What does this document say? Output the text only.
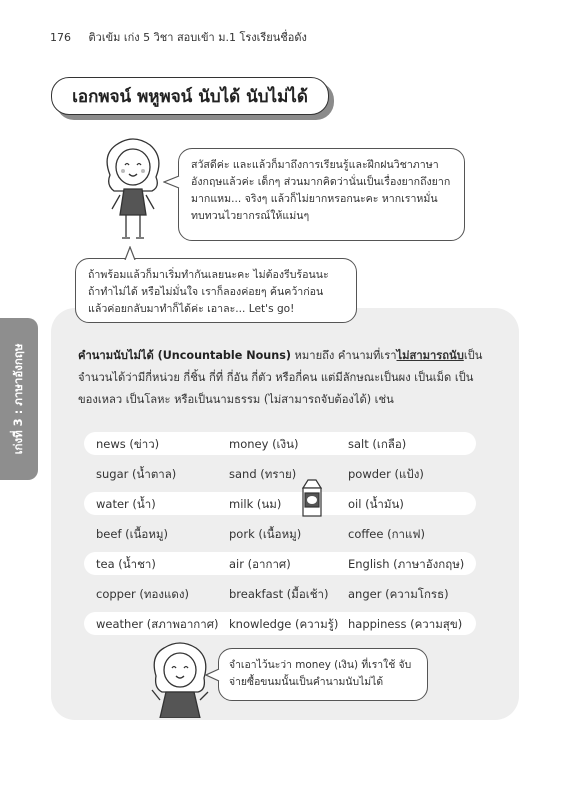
176 ติวเข้ม เก่ง 5 วิชา สอบเข้า ม.1 โรงเรียนชื่อดัง
เอกพจน์ พหูพจน์ นับได้ นับไม่ได้
เก่งที่ 3 : ภาษาอังกฤษ
สวัสดีค่ะ และแล้วก็มาถึงการเรียนรู้และฝึกฝนวิชาภาษาอังกฤษแล้วค่ะ เด็กๆ ส่วนมากคิดว่านั่นเป็นเรื่องยากถึงยากมากแหม... จริงๆ แล้วก็ไม่ยากหรอกนะคะ หากเราหมั่นทบทวนไวยากรณ์ให้แม่นๆ
ถ้าพร้อมแล้วก็มาเริ่มทำกันเลยนะคะ ไม่ต้องรีบร้อนนะ ถ้าทำไม่ได้ หรือไม่มั่นใจ เราก็ลองค่อยๆ ค้นคว้าก่อน แล้วค่อยกลับมาทำก็ได้ค่ะ เอาละ... Let's go!
คำนามนับไม่ได้ (Uncountable Nouns) หมายถึง คำนามที่เราไม่สามารถนับเป็นจำนวนได้ว่ามีกี่หน่วย กี่ชิ้น กี่ที่ กี่อัน กี่ตัว หรือกี่คน แต่มีลักษณะเป็นผง เป็นเม็ด เป็นของเหลว เป็นโลหะ หรือเป็นนามธรรม (ไม่สามารถจับต้องได้) เช่น
news (ข่าว)	money (เงิน)	salt (เกลือ)
sugar (น้ำตาล)	sand (ทราย)	powder (แป้ง)
water (น้ำ)	milk (นม)	oil (น้ำมัน)
beef (เนื้อหมู)	pork (เนื้อหมู)	coffee (กาแฟ)
tea (น้ำชา)	air (อากาศ)	English (ภาษาอังกฤษ)
copper (ทองแดง)	breakfast (มื้อเช้า) anger (ความโกรธ)
weather (สภาพอากาศ) knowledge (ความรู้) happiness (ความสุข)
จำเอาไว้นะว่า money (เงิน) ที่เราใช้ จับจ่ายซื้อขนมนั้นเป็นคำนามนับไม่ได้
